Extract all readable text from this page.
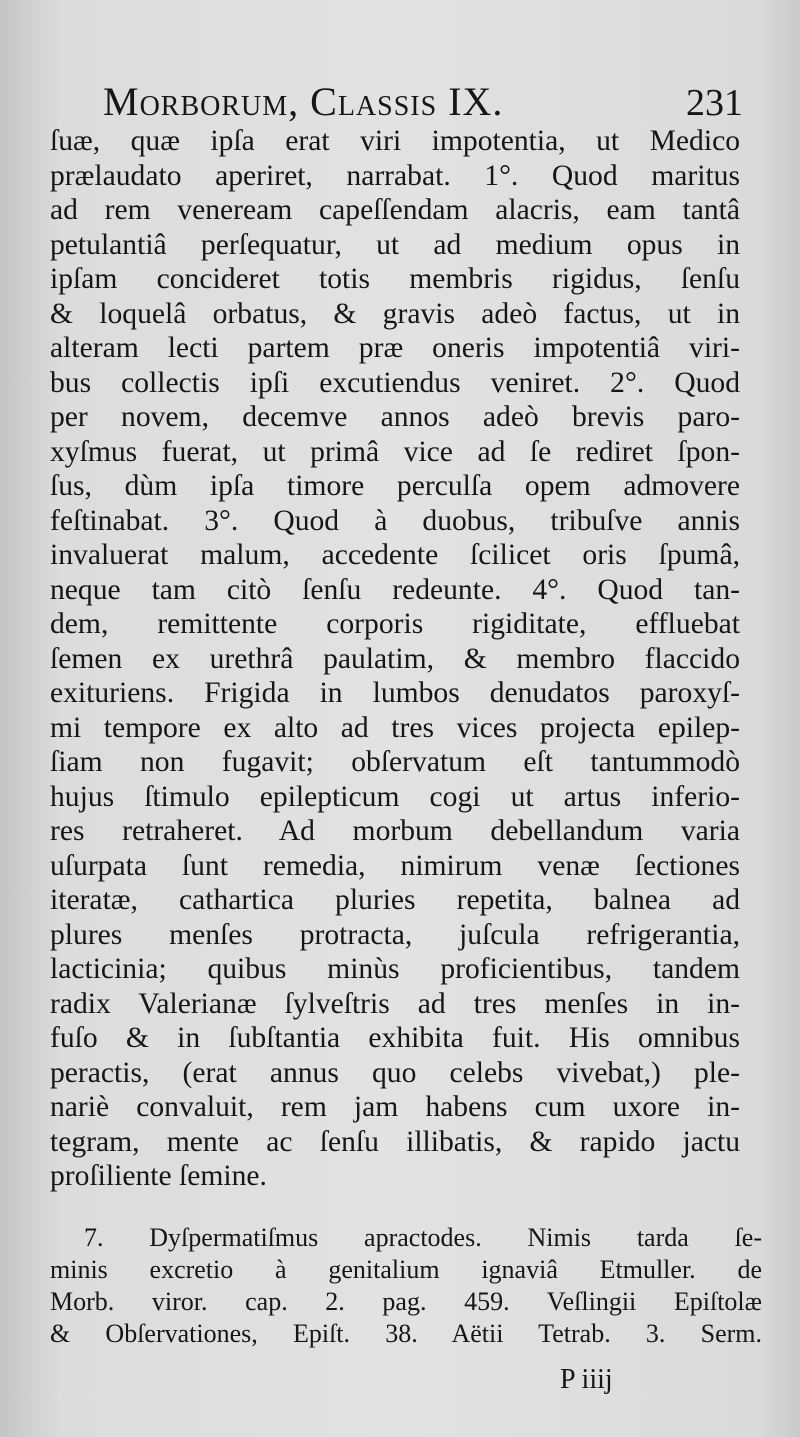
Morborum, Classis IX.	231
ſuæ, quæ ipſa erat viri impotentia, ut Medico
prælaudato aperiret, narrabat. 1°. Quod maritus
ad rem veneream capeſſendam alacris, eam tantâ
petulantiâ perſequatur, ut ad medium opus in
ipſam concideret totis membris rigidus, ſenſu
& loquelâ orbatus, & gravis adeò factus, ut in
alteram lecti partem præ oneris impotentiâ viri-
bus collectis ipſi excutiendus veniret. 2°. Quod
per novem, decemve annos adeò brevis paro-
xyſmus fuerat, ut primâ vice ad ſe rediret ſpon-
ſus, dùm ipſa timore perculſa opem admovere
feſtinabat. 3°. Quod à duobus, tribuſve annis
invaluerat malum, accedente ſcilicet oris ſpumâ,
neque tam citò ſenſu redeunte. 4°. Quod tan-
dem, remittente corporis rigiditate, effluebat
ſemen ex urethrâ paulatim, & membro flaccido
exituriens. Frigida in lumbos denudatos paroxyſ-
mi tempore ex alto ad tres vices projecta epilep-
ſiam non fugavit; obſervatum eſt tantummodò
hujus ſtimulo epilepticum cogi ut artus inferio-
res retraheret. Ad morbum debellandum varia
uſurpata ſunt remedia, nimirum venæ ſectiones
iteratæ, cathartica pluries repetita, balnea ad
plures menſes protracta, juſcula refrigerantia,
lacticinia; quibus minùs proficientibus, tandem
radix Valerianæ ſylveſtris ad tres menſes in in-
fuſo & in ſubſtantia exhibita fuit. His omnibus
peractis, (erat annus quo celebs vivebat,) ple-
nariè convaluit, rem jam habens cum uxore in-
tegram, mente ac ſenſu illibatis, & rapido jactu
proſiliente ſemine.
7. Dyſpermatiſmus apractodes. Nimis tarda ſe-
minis excretio à genitalium ignaviâ Etmuller. de
Morb. viror. cap. 2. pag. 459. Veſlingii Epiſtolæ
& Obſervationes, Epiſt. 38. Aëtii Tetrab. 3. Serm.
P iiij
